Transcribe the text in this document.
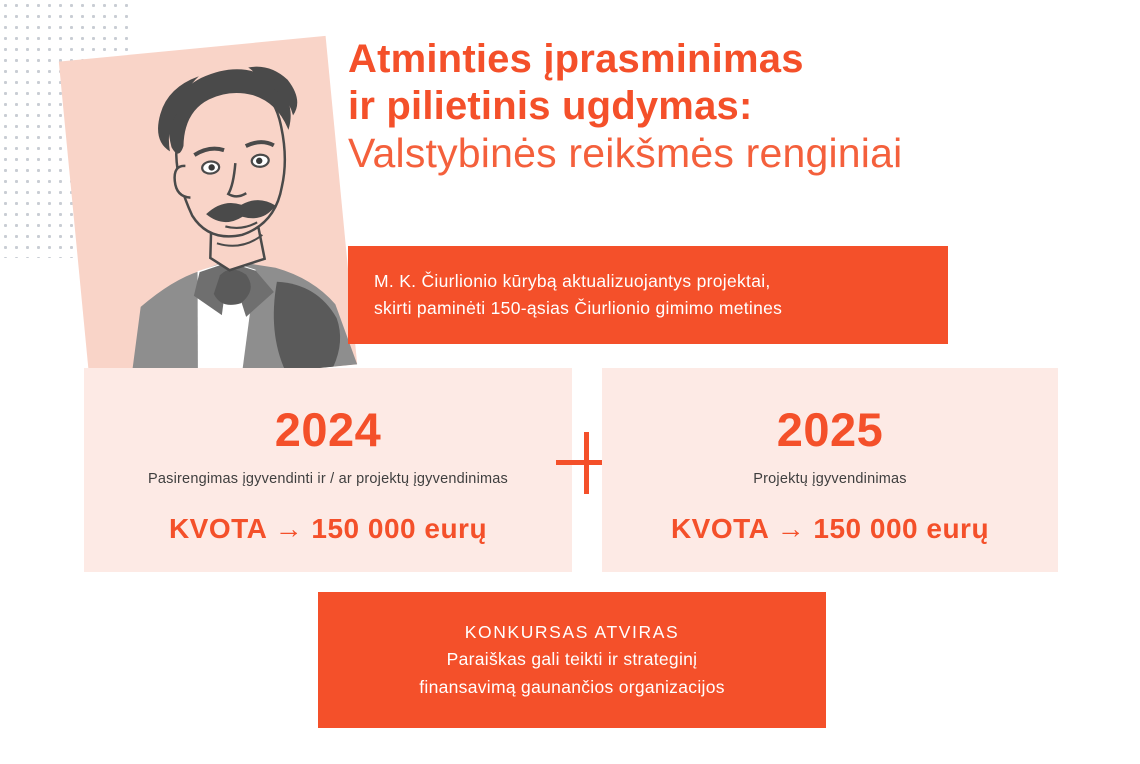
Atminties įprasminimas
ir pilietinis ugdymas:
Valstybinės reikšmės renginiai
M. K. Čiurlionio kūrybą aktualizuojantys projektai,
skirti paminėti 150-ąsias Čiurlionio gimimo metines
2024
Pasirengimas įgyvendinti ir / ar projektų įgyvendinimas
KVOTA → 150 000 eurų
2025
Projektų įgyvendinimas
KVOTA → 150 000 eurų
KONKURSAS ATVIRAS
Paraiškas gali teikti ir strateginį
finansavimą gaunančios organizacijos
